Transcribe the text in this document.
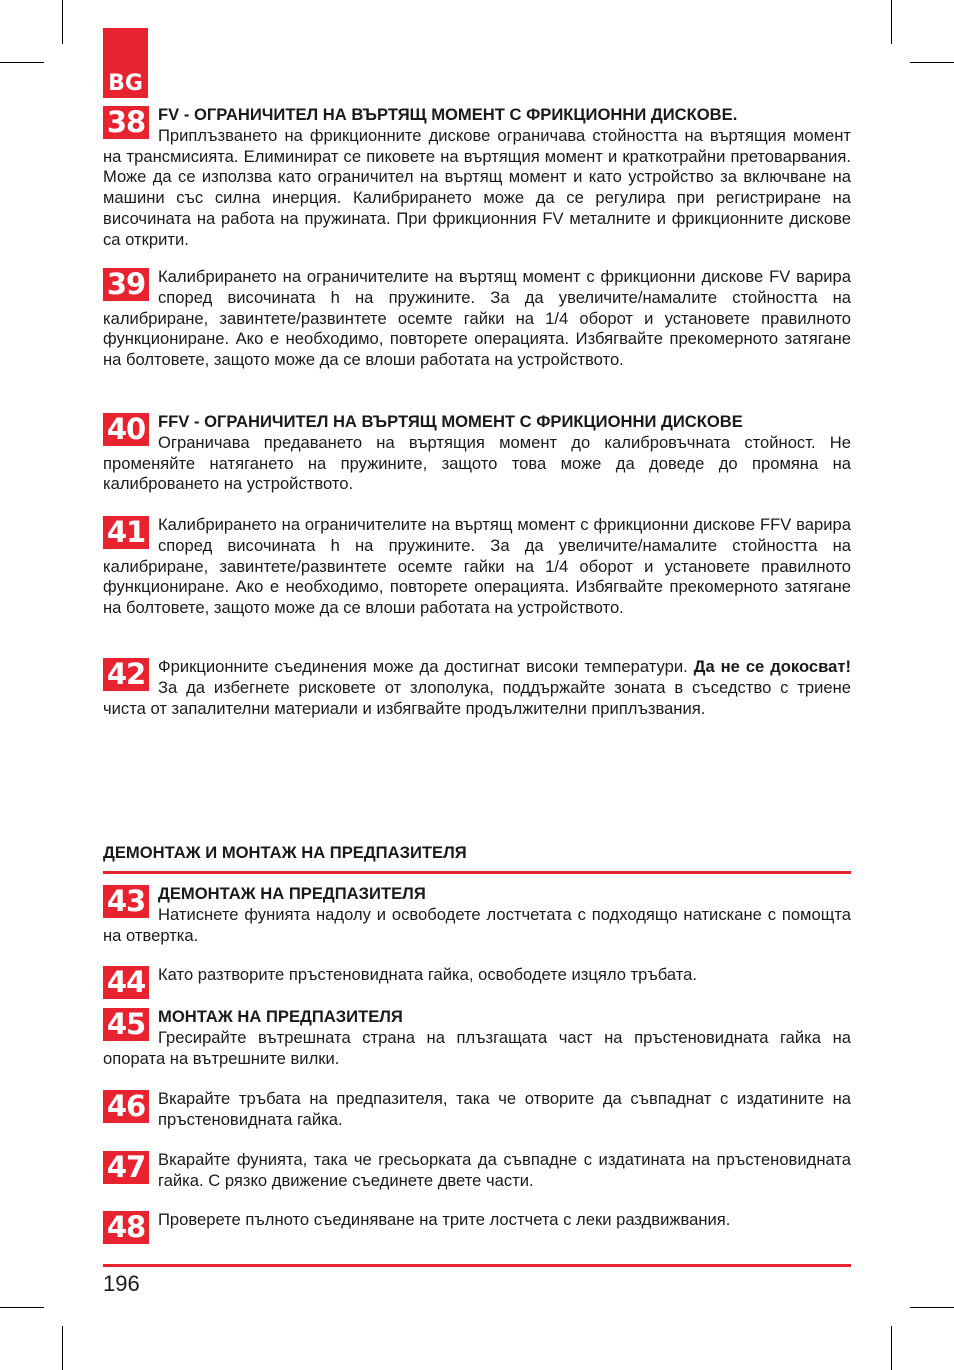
BG
38 FV - ОГРАНИЧИТЕЛ НА ВЪРТЯЩ МОМЕНТ С ФРИКЦИОННИ ДИСКОВЕ.
Приплъзването на фрикционните дискове ограничава стойността на въртящия момент на трансмисията. Елиминират се пиковете на въртящия момент и краткотрайни претоварвания. Може да се използва като ограничител на въртящ момент и като устройство за включване на машини със силна инерция. Калибрирането може да се регулира при регистриране на височината на работа на пружината. При фрикционния FV металните и фрикционните дискове са открити.
39 Калибрирането на ограничителите на въртящ момент с фрикционни дискове FV варира според височината h на пружините. За да увеличите/намалите стойността на калибриране, завинтете/развинтете осемте гайки на 1/4 оборот и установете правилното функциониране. Ако е необходимо, повторете операцията. Избягвайте прекомерното затягане на болтовете, защото може да се влоши работата на устройството.
40 FFV - ОГРАНИЧИТЕЛ НА ВЪРТЯЩ МОМЕНТ С ФРИКЦИОННИ ДИСКОВЕ
Ограничава предаването на въртящия момент до калибровъчната стойност. Не променяйте натягането на пружините, защото това може да доведе до промяна на калиброването на устройството.
41 Калибрирането на ограничителите на въртящ момент с фрикционни дискове FFV варира според височината h на пружините. За да увеличите/намалите стойността на калибриране, завинтете/развинтете осемте гайки на 1/4 оборот и установете правилното функциониране. Ако е необходимо, повторете операцията. Избягвайте прекомерното затягане на болтовете, защото може да се влоши работата на устройството.
42 Фрикционните съединения може да достигнат високи температури. Да не се докосват! За да избегнете рисковете от злополука, поддържайте зоната в съседство с триене чиста от запалителни материали и избягвайте продължителни приплъзвания.
ДЕМОНТАЖ И МОНТАЖ НА ПРЕДПАЗИТЕЛЯ
43 ДЕМОНТАЖ НА ПРЕДПАЗИТЕЛЯ
Натиснете фунията надолу и освободете лостчетата с подходящо натискане с помощта на отвертка.
44 Като разтворите пръстеновидната гайка, освободете изцяло тръбата.
45 МОНТАЖ НА ПРЕДПАЗИТЕЛЯ
Гресирайте вътрешната страна на плъзгащата част на пръстеновидната гайка на опората на вътрешните вилки.
46 Вкарайте тръбата на предпазителя, така че отворите да съвпаднат с издатините на пръстеновидната гайка.
47 Вкарайте фунията, така че гресьорката да съвпадне с издатината на пръстеновидната гайка. С рязко движение съединете двете части.
48 Проверете пълното съединяване на трите лостчета с леки раздвижвания.
196
